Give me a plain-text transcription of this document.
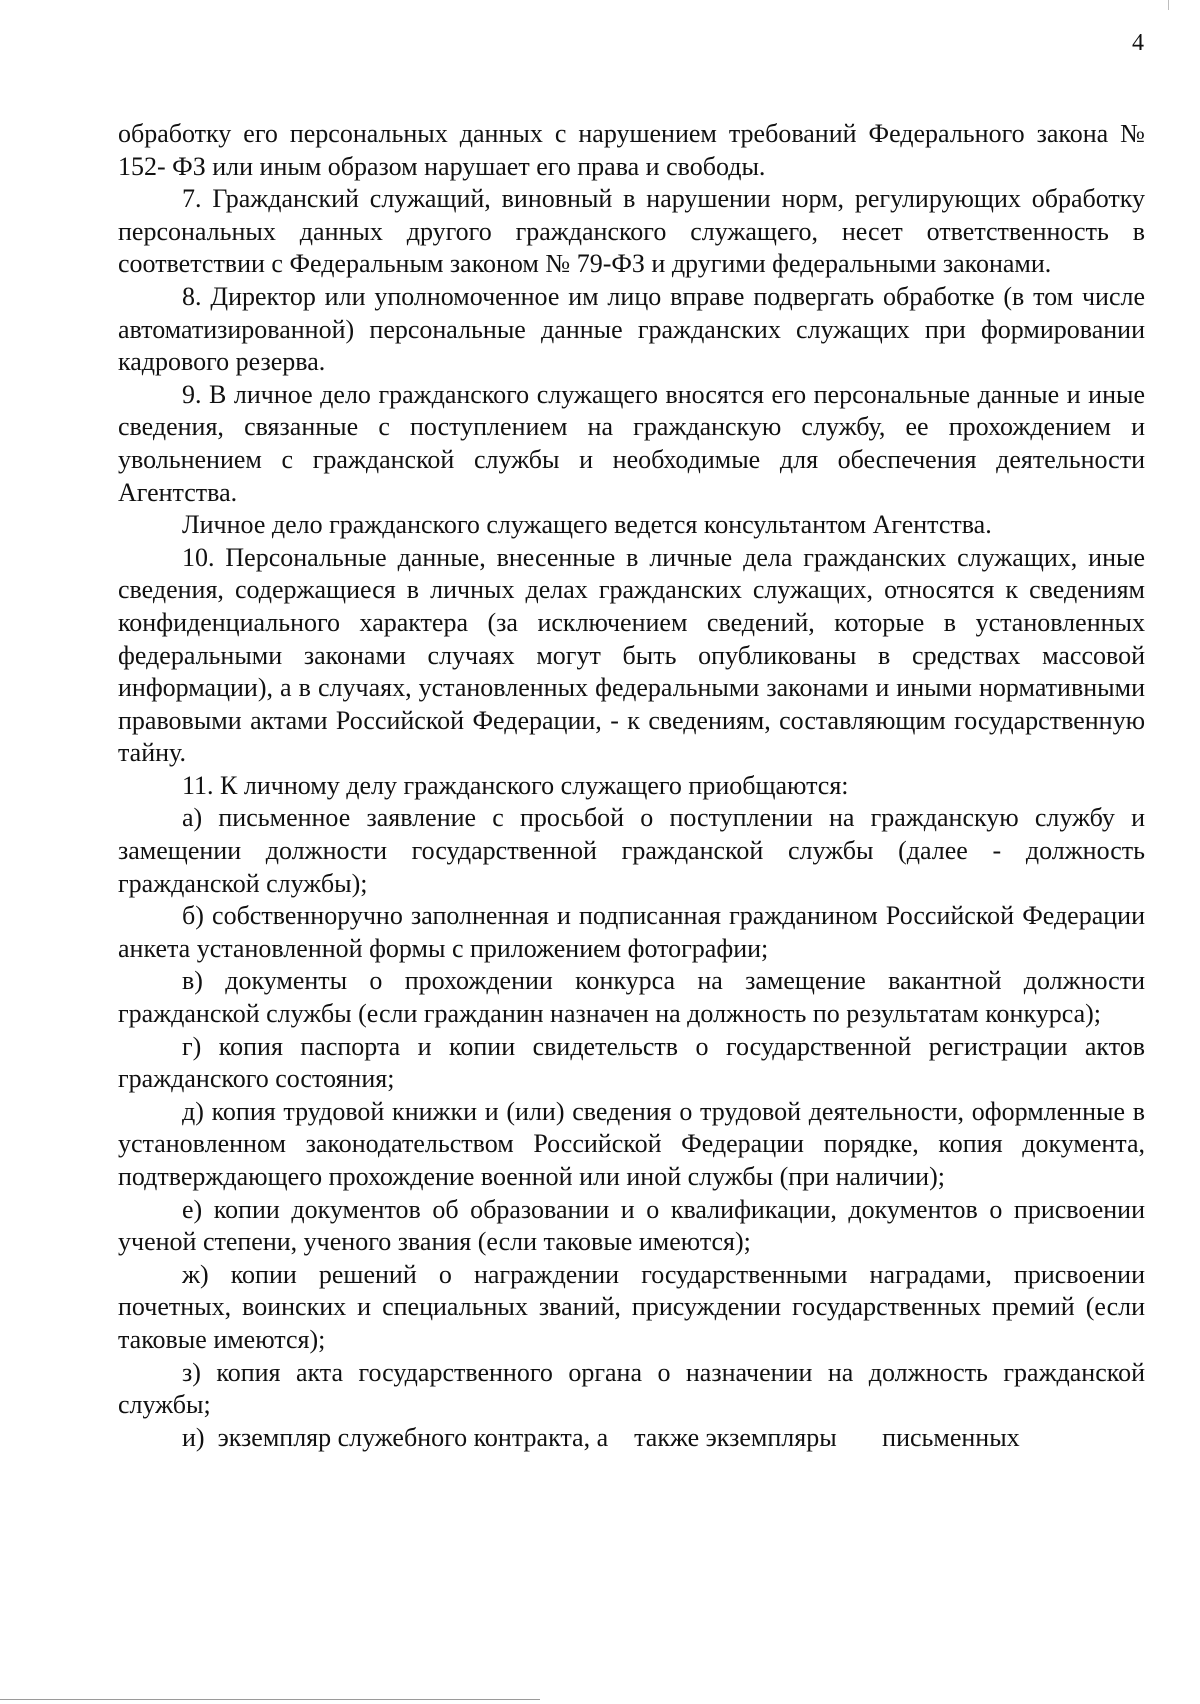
4

обработку его персональных данных с нарушением требований Федерального закона № 152- ФЗ или иным образом нарушает его права и свободы.

7. Гражданский служащий, виновный в нарушении норм, регулирующих обработку персональных данных другого гражданского служащего, несет ответственность в соответствии с Федеральным законом № 79-ФЗ и другими федеральными законами.

8. Директор или уполномоченное им лицо вправе подвергать обработке (в том числе автоматизированной) персональные данные гражданских служащих при формировании кадрового резерва.

9. В личное дело гражданского служащего вносятся его персональные данные и иные сведения, связанные с поступлением на гражданскую службу, ее прохождением и увольнением с гражданской службы и необходимые для обеспечения деятельности Агентства.

Личное дело гражданского служащего ведется консультантом Агентства.

10. Персональные данные, внесенные в личные дела гражданских служащих, иные сведения, содержащиеся в личных делах гражданских служащих, относятся к сведениям конфиденциального характера (за исключением сведений, которые в установленных федеральными законами случаях могут быть опубликованы в средствах массовой информации), а в случаях, установленных федеральными законами и иными нормативными правовыми актами Российской Федерации, - к сведениям, составляющим государственную тайну.

11. К личному делу гражданского служащего приобщаются:

а) письменное заявление с просьбой о поступлении на гражданскую службу и замещении должности государственной гражданской службы (далее - должность гражданской службы);

б) собственноручно заполненная и подписанная гражданином Российской Федерации анкета установленной формы с приложением фотографии;

в) документы о прохождении конкурса на замещение вакантной должности гражданской службы (если гражданин назначен на должность по результатам конкурса);

г) копия паспорта и копии свидетельств о государственной регистрации актов гражданского состояния;

д) копия трудовой книжки и (или) сведения о трудовой деятельности, оформленные в установленном законодательством Российской Федерации порядке, копия документа, подтверждающего прохождение военной или иной службы (при наличии);

е) копии документов об образовании и о квалификации, документов о присвоении ученой степени, ученого звания (если таковые имеются);

ж) копии решений о награждении государственными наградами, присвоении почетных, воинских и специальных званий, присуждении государственных премий (если таковые имеются);

з) копия акта государственного органа о назначении на должность гражданской службы;

и)  экземпляр служебного контракта, а    также экземпляры       письменных
